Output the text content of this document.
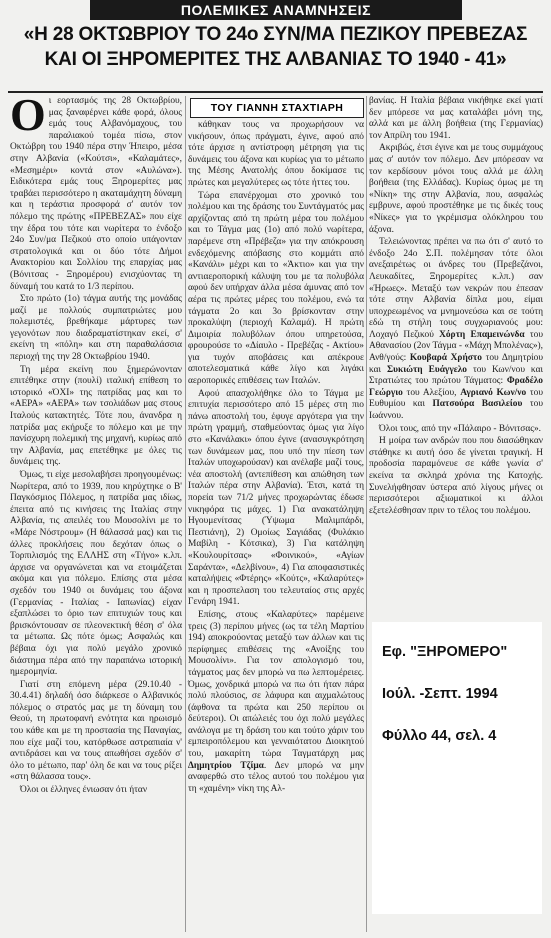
ΠΟΛΕΜΙΚΕΣ ΑΝΑΜΝΗΣΕΙΣ
«Η 28 ΟΚΤΩΒΡΙΟΥ ΤΟ 24ο ΣΥΝ/ΜΑ ΠΕΖΙΚΟΥ ΠΡΕΒΕΖΑΣ
ΚΑΙ ΟΙ ΞΗΡΟΜΕΡΙΤΕΣ ΤΗΣ ΑΛΒΑΝΙΑΣ ΤΟ 1940 - 41»

Οι εορτασμός της 28 Οκτωβρίου, μας ξαναφέρνει κάθε φορά, όλους εμάς τους Αλβανόμαχους, του παραλιακού τομέα πίσω, στον Οκτώβρη του 1940 πέρα στην Ήπειρο, μέσα στην Αλβανία («Κούτσι», «Καλαμάτες», «Μεσημέρι» κοντά στον «Αυλώνα»). Ειδικότερα εμάς τους Ξηρομερίτες μας τραβάει περισσότερο η ακαταμάχητη δύναμη και η τεράστια προσφορά σ' αυτόν τον πόλεμο της πρώτης «ΠΡΕΒΕΖΑΣ» που είχε την έδρα του τότε και νωρίτερα το ένδοξο 24ο Συν/μα Πεζικού στο οποίο υπάγονταν στρατολογικά και οι δύο τότε Δήμοι Ανακτορίου και Σολλίου της επαρχίας μας (Βόνιτσας - Ξηρομέρου) ενισχύοντας τη δύναμή του κατά το 1/3 περίπου.

Στο πρώτο (1ο) τάγμα αυτής της μονάδας μαζί με πολλούς συμπατριώτες μου πολεμιστές, βρεθήκαμε μάρτυρες των γεγονότων που διαδραματίστηκαν εκεί, σ' εκείνη τη «πόλη» και στη παραθαλάσσια περιοχή της την 28 Οκτωβρίου 1940.

Τη μέρα εκείνη που ξημερώνονταν επιτέθηκε στην (πουλί) ιταλική επίθεση το ιστορικό «ΌΧΙ» της πατρίδας μας και το «ΑΕΡΑ» «ΑΕΡΑ» των τσολιάδων μας στους Ιταλούς κατακτητές. Τότε που, άνανδρα η πατρίδα μας εκήρυξε το πόλεμο και με την πανίσχυρη πολεμική της μηχανή, κυρίως από την Αλβανία, μας επετέθηκε με όλες τις δυνάμεις της.

Όμως, τι είχε μεσολαβήσει προηγουμένως: Νωρίτερα, από το 1939, που κηρύχτηκε ο Β' Παγκόσμιος Πόλεμος, η πατρίδα μας ιδίως, έπειτα από τις κινήσεις της Ιταλίας στην Αλβανία, τις απειλές του Μουσολίνι με το «Μάρε Νόστρουμ» (Η θάλασσά μας) και τις άλλες προκλήσεις που δεχόταν όπως ο Τορπιλισμός της ΕΛΛΗΣ στη «Τήνο» κ.λπ. άρχισε να οργανώνεται και να ετοιμάζεται ακόμα και για πόλεμο. Επίσης στα μέσα σχεδόν του 1940 οι δυνάμεις του άξονα (Γερμανίας - Ιταλίας - Ιαπωνίας) είχαν εξαπλώσει το όριο των επιτυχιών τους και βρισκόντουσαν σε πλεονεκτική θέση σ' όλα τα μέτωπα. Ως πότε όμως; Ασφαλώς και βέβαια όχι για πολύ μεγάλο χρονικό διάστημα πέρα από την παραπάνω ιστορική ημερομηνία.

Γιατί στη επόμενη μέρα (29.10.40 - 30.4.41) δηλαδή όσο διάρκεσε ο Αλβανικός πόλεμος ο στρατός μας με τη δύναμη του Θεού, τη πρωτοφανή ενότητα και ηρωισμό του κάθε και με τη προστασία της Παναγίας, που είχε μαζί του, κατόρθωσε αστραπιαία ν' αντιδράσει και να τους απωθήσει σχεδόν σ' όλο το μέτωπο, παρ' όλη δε και να τους ρίξει «στη θάλασσα τους».

Όλοι οι έλληνες ένιωσαν ότι ήταν

ΤΟΥ ΓΙΑΝΝΗ ΣΤΑΧΤΙΑΡΗ

κάθηκαν τους να προχωρήσουν να νικήσουν, όπως πράγματι, έγινε, αφού από τότε άρχισε η αντίστροφη μέτρηση για τις δυνάμεις του άξονα και κυρίως για το μέτωπο της Μέσης Ανατολής όπου δοκίμασε τις πρώτες και μεγαλύτερες ως τότε ήττες του.

Τώρα επανέρχομαι στο χρονικό του πολέμου και της δράσης του Συντάγματός μας αρχίζοντας από τη πρώτη μέρα του πολέμου και το Τάγμα μας (1ο) από πολύ νωρίτερα, παρέμενε στη «Πρέβεζα» για την απόκρουση ενδεχόμενης απόβασης στο κομμάτι από «Κανάλι» μέχρι και το «Άκτιο» και για την αντιαεροπορική κάλυψη του με τα πολυβόλα αφού δεν υπήρχαν άλλα μέσα άμυνας από τον αέρα τις πρώτες μέρες του πολέμου, ενώ τα τάγματα 2ο και 3ο βρίσκονταν στην προκαλύψη (περιοχή Καλαμά). Η πρώτη Διμοιρία πολυβόλων όπου υπηρετούσα, φρουρούσε το «Δίαυλο - Πρεβέζας - Ακτίου» για τυχόν αποβάσεις και απέκρουε αποτελεσματικά κάθε λίγο και λιγάκι αεροπορικές επιθέσεις των Ιταλών.

Αφού απασχολήθηκε όλο το Τάγμα με επιτυχία περισσότερο από 15 μέρες στη πιο πάνω αποστολή του, έφυγε αργότερα για την πρώτη γραμμή, σταθμεύοντας όμως για λίγο στο «Κανάλακι» όπου έγινε (ανασυγκρότηση των δυνάμεων μας, που υπό την πίεση των Ιταλών υποχωρούσαν) και ανέλαβε μαζί τους, νέα αποστολή (αντεπίθεση και απώθηση των Ιταλών πέρα στην Αλβανία). Έτσι, κατά τη πορεία των 71/2 μήνες προχωρώντας έδωσε νικηφόρα τις μάχες. 1) Για ανακατάληψη Ηγουμενίτσας (Ύψωμα Μαλιμπάρδι, Πεστιάνη), 2) Ομοίως Σαγιάδας (Φυλάκιο Μαβίλη - Κότσικα), 3) Για κατάληψη «Κουλουρίτσας» «Φοινικού», «Αγίων Σαράντα», «Δελβίνου», 4) Για αποφασιστικές καταλήψεις «Φτέρης» «Κούτς», «Καλαρύτες» και η προσπελαση του τελευταίος στις αρχές Γενάρη 1941.

Επίσης, στους «Καλαρύτες» παρέμεινε τρεις (3) περίπου μήνες (ως τα τέλη Μαρτίου 194) αποκρούοντας μεταξύ των άλλων και τις περίφημες επιθέσεις της «Ανοίξης του Μουσολίνι». Για τον απολογισμό του, τάγματος μας δεν μπορώ να πω λεπτομέρειες. Όμως, χονδρικά μπορώ να πω ότι ήταν πάρα πολύ πλούσιος, σε λάφυρα και αιχμαλώτους (άφθονα τα πρώτα και 250 περίπου οι δεύτεροι). Οι απώλειές του όχι πολύ μεγάλες ανάλογα με τη δράση του και τούτο χάριν του εμπειροπόλεμου και γενναιότατου Διοικητού του, μακαρίτη τώρα Ταγματάρχη μας Δημητρίου Τζίμα. Δεν μπορώ να μην αναφερθώ στο τέλος αυτού του πολέμου για τη «χαμένη» νίκη της Αλ-

βανίας. Η Ιταλία βέβαια νικήθηκε εκεί γιατί δεν μπόρεσε να μας καταλάβει μόνη της, αλλά και με άλλη βοήθεια (της Γερμανίας) τον Απρίλη του 1941.

Ακριβώς, έτσι έγινε και με τους συμμάχους μας σ' αυτόν τον πόλεμο. Δεν μπόρεσαν να τον κερδίσουν μόνοι τους αλλά με άλλη βοήθεια (της Ελλάδας). Κυρίως όμως με τη «Νίκη» της στην Αλβανία, που, ασφαλώς εμβρυνε, αφού προστέθηκε με τις δικές τους «Νίκες» για το γκρέμισμα ολόκληρου του άξονα.

Τελειώνοντας πρέπει να πω ότι σ' αυτό το ένδοξο 24ο Σ.Π. πολέμησαν τότε όλοι ανεξαιρέτως οι άνδρες του (Πρεβεζάνοι, Λευκαδίτες, Ξηρομερίτες κ.λπ.) σαν «Ήρωες». Μεταξύ των νεκρών που έπεσαν τότε στην Αλβανία δίπλα μου, είμαι υποχρεωμένος να μνημονεύσω και σε τούτη εδώ τη στήλη τους συγχωριανούς μου: Λοχαγό Πεζικού Χόρτη Επαμεινώνδα του Αθανασίου (2ον Τάγμα - «Μάχη Μπολένας»), Ανθ/γούς: Κουβαρά Χρήστο του Δημητρίου και Συκιώτη Ευάγγελο του Κων/νου και Στρατιώτες του πρώτου Τάγματος: Φραδέλο Γεώργιο του Αλεξίου, Αγριανό Κων/νο του Ευθυμίου και Πατσούρα Βασιλείου του Ιωάννου.

Όλοι τους, από την «Πάλαιρο - Βόνιτσας».

Η μοίρα των ανδρών που που διασώθηκαν στάθηκε κι αυτή όσο δε γίνεται τραγική. Η προδοσία παραμόνευε σε κάθε γωνία σ' εκείνα τα σκληρά χρόνια της Κατοχής. Συνελήφθησαν ύστερα από λίγους μήνες οι περισσότεροι αξιωματικοί κι άλλοι εξετελέσθησαν πριν το τέλος του πολέμου.

Εφ. "ΞΗΡΟΜΕΡΟ"
Ιούλ. -Σεπτ. 1994
Φύλλο 44, σελ. 4
